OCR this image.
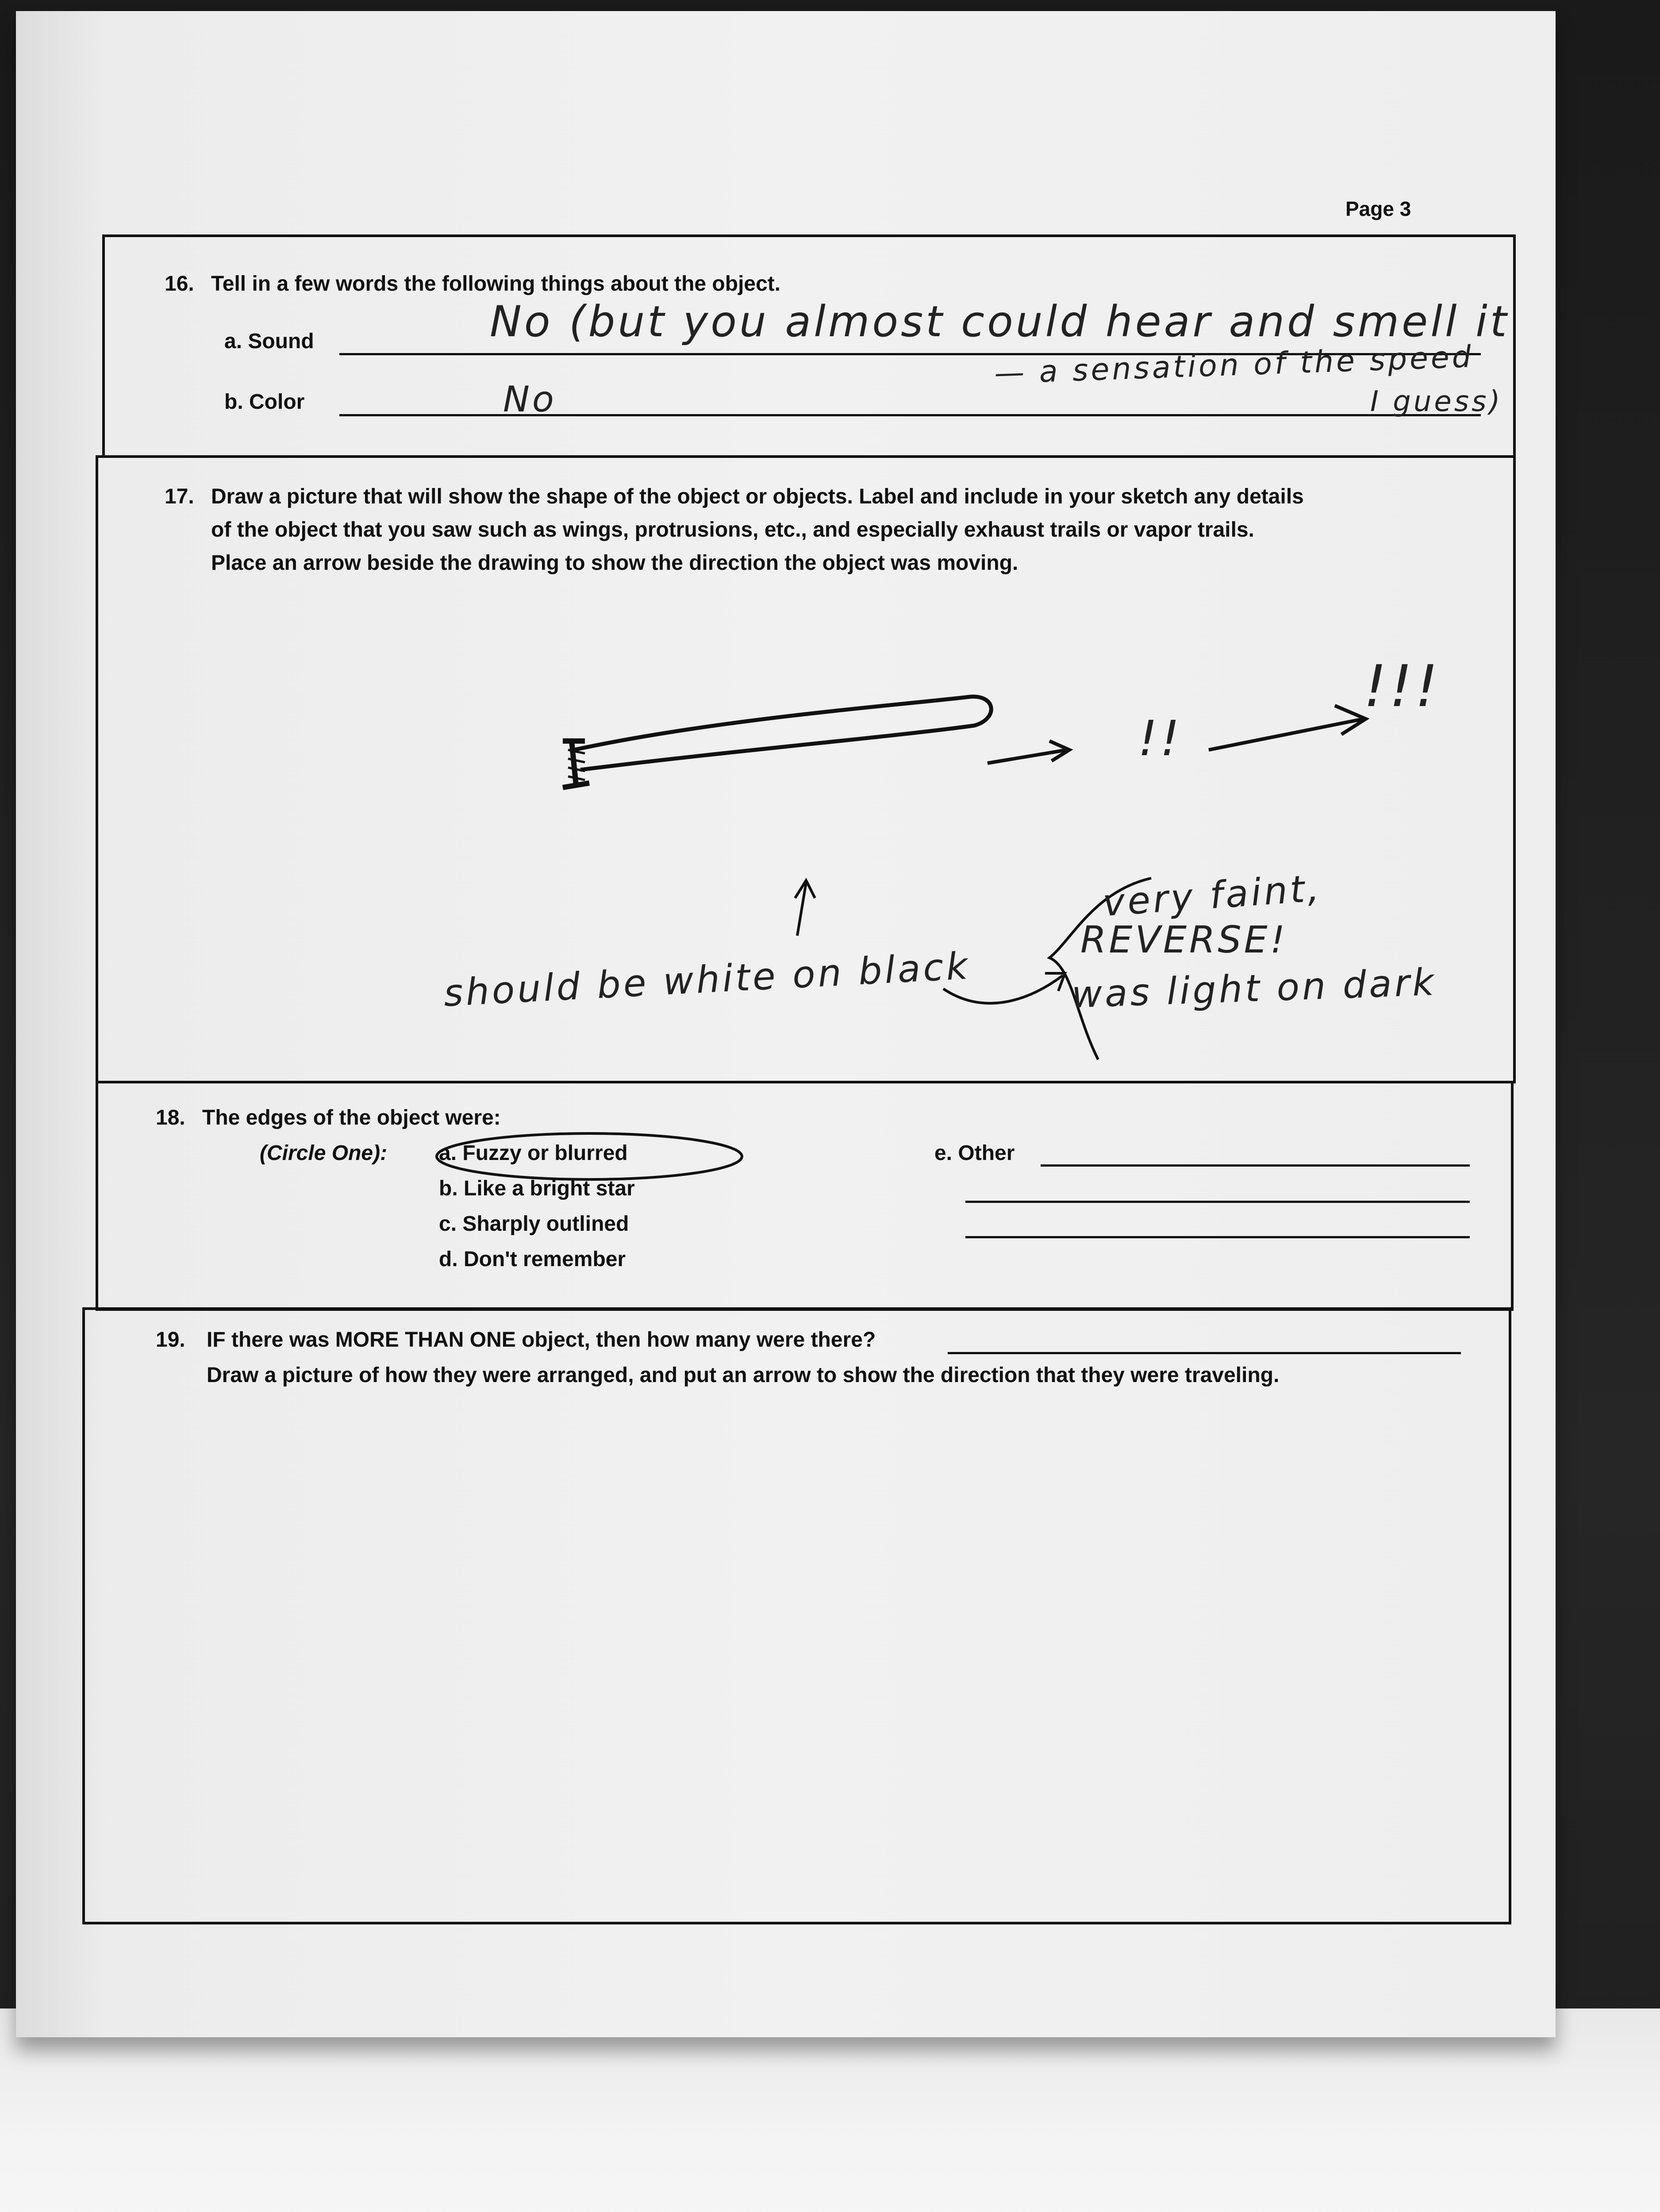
Page 3
16. Tell in a few words the following things about the object.
a. Sound	No (but you almost could hear and smell it
— a sensation of the speed
b. Color	No	I guess)
17. Draw a picture that will show the shape of the object or objects. Label and include in your sketch any details
of the object that you saw such as wings, protrusions, etc., and especially exhaust trails or vapor trails.
Place an arrow beside the drawing to show the direction the object was moving.
!!
!!!
should be white on black
very faint,
REVERSE!
was light on dark
18. The edges of the object were:
(Circle One): a. Fuzzy or blurred
b. Like a bright star
c. Sharply outlined
d. Don't remember
e. Other
19. IF there was MORE THAN ONE object, then how many were there?
Draw a picture of how they were arranged, and put an arrow to show the direction that they were traveling.
